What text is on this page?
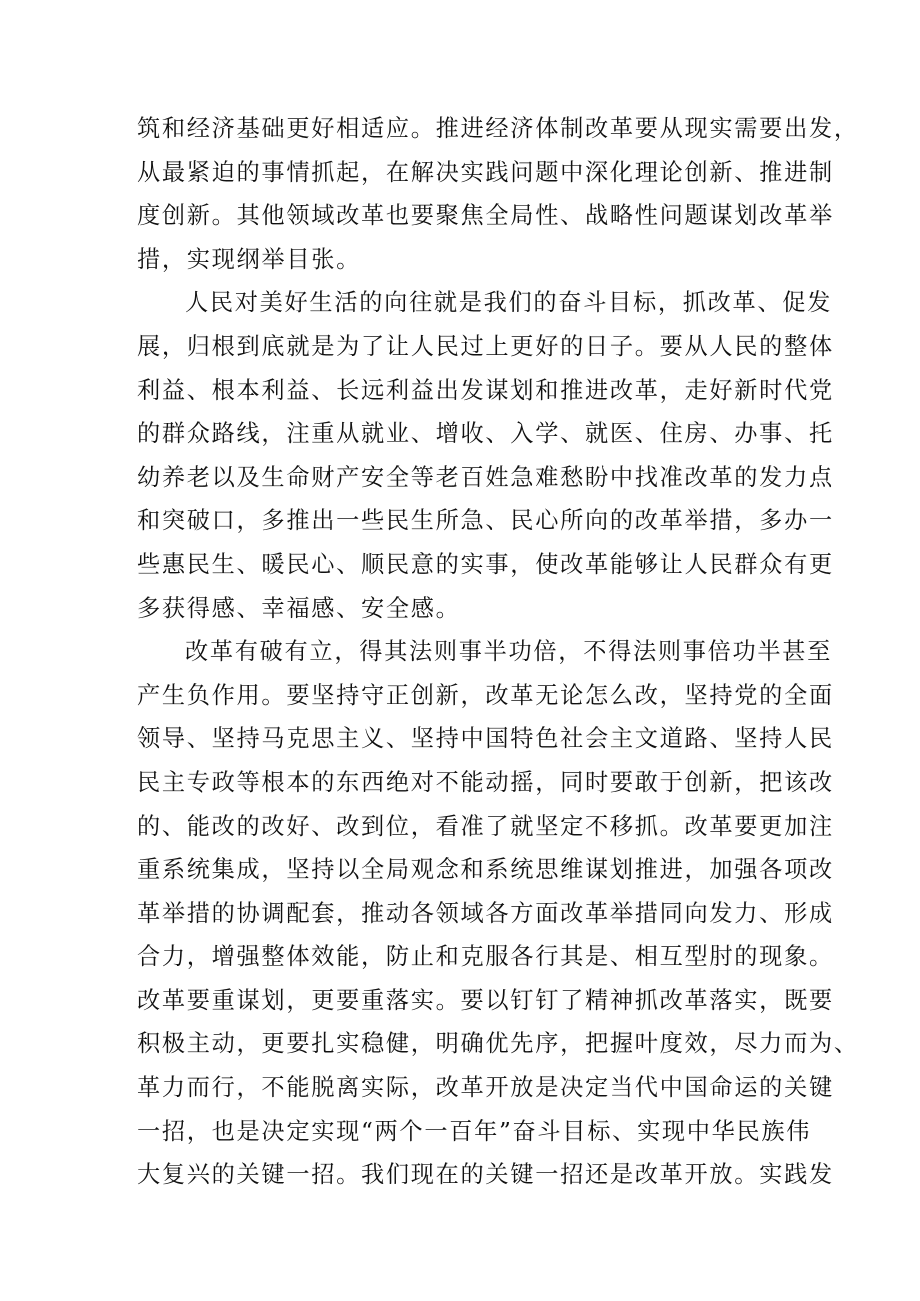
筑和经济基础更好相适应。推进经济体制改革要从现实需要出发，
从最紧迫的事情抓起，在解决实践问题中深化理论创新、推进制
度创新。其他领域改革也要聚焦全局性、战略性问题谋划改革举
措，实现纲举目张。
人民对美好生活的向往就是我们的奋斗目标，抓改革、促发
展，归根到底就是为了让人民过上更好的日子。要从人民的整体
利益、根本利益、长远利益出发谋划和推进改革，走好新时代党
的群众路线，注重从就业、增收、入学、就医、住房、办事、托
幼养老以及生命财产安全等老百姓急难愁盼中找准改革的发力点
和突破口，多推出一些民生所急、民心所向的改革举措，多办一
些惠民生、暖民心、顺民意的实事，使改革能够让人民群众有更
多获得感、幸福感、安全感。
改革有破有立，得其法则事半功倍，不得法则事倍功半甚至
产生负作用。要坚持守正创新，改革无论怎么改，坚持党的全面
领导、坚持马克思主义、坚持中国特色社会主文道路、坚持人民
民主专政等根本的东西绝对不能动摇，同时要敢于创新，把该改
的、能改的改好、改到位，看准了就坚定不移抓。改革要更加注
重系统集成，坚持以全局观念和系统思维谋划推进，加强各项改
革举措的协调配套，推动各领域各方面改革举措同向发力、形成
合力，增强整体效能，防止和克服各行其是、相互型肘的现象。
改革要重谋划，更要重落实。要以钉钉了精神抓改革落实，既要
积极主动，更要扎实稳健，明确优先序，把握叶度效，尽力而为、
革力而行，不能脱离实际，改革开放是决定当代中国命运的关键
一招，也是决定实现“两个一百年”奋斗目标、实现中华民族伟
大复兴的关键一招。我们现在的关键一招还是改革开放。实践发
